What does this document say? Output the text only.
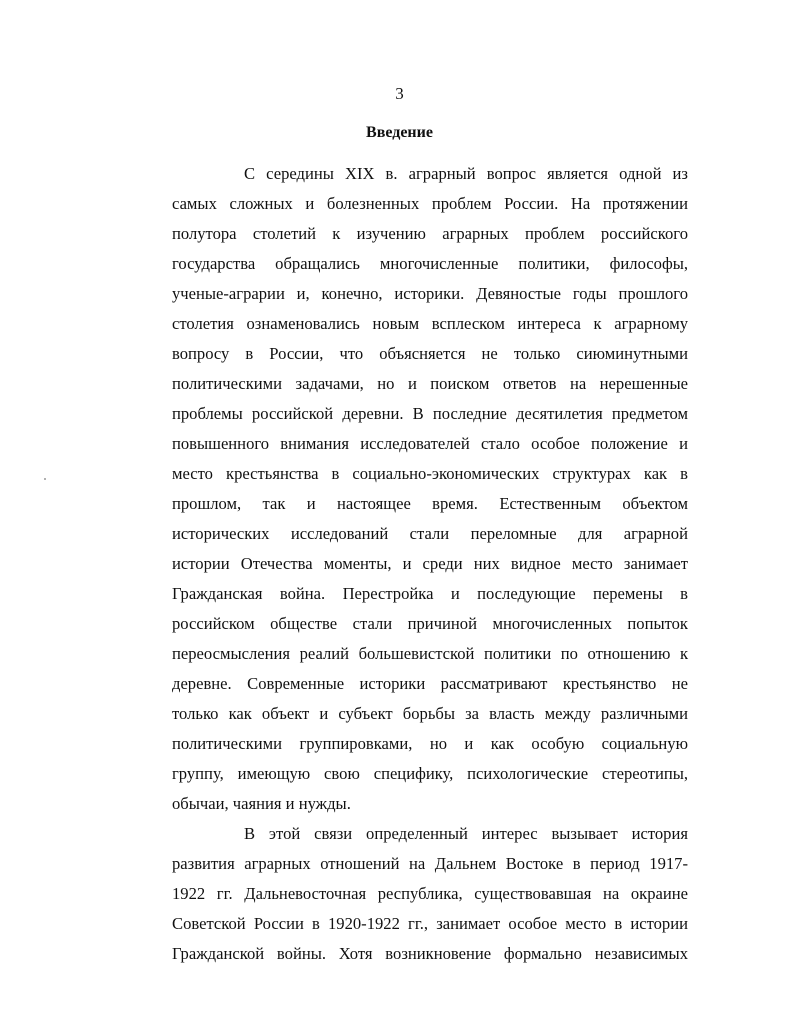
3
Введение
С середины XIX в. аграрный вопрос является одной из
самых сложных и болезненных проблем России. На протяжении
полутора столетий к изучению аграрных проблем российского
государства обращались многочисленные политики, философы,
ученые-аграрии и, конечно, историки. Девяностые годы прошлого
столетия ознаменовались новым всплеском интереса к аграрному
вопросу в России, что объясняется не только сиюминутными
политическими задачами, но и поиском ответов на нерешенные
проблемы российской деревни. В последние десятилетия предметом
повышенного внимания исследователей стало особое положение и
место крестьянства в социально-экономических структурах как в
прошлом, так и настоящее время. Естественным объектом
исторических исследований стали переломные для аграрной
истории Отечества моменты, и среди них видное место занимает
Гражданская война. Перестройка и последующие перемены в
российском обществе стали причиной многочисленных попыток
переосмысления реалий большевистской политики по отношению к
деревне. Современные историки рассматривают крестьянство не
только как объект и субъект борьбы за власть между различными
политическими группировками, но и как особую социальную
группу, имеющую свою специфику, психологические стереотипы,
обычаи, чаяния и нужды.
В этой связи определенный интерес вызывает история
развития аграрных отношений на Дальнем Востоке в период 1917-
1922 гг. Дальневосточная республика, существовавшая на окраине
Советской России в 1920-1922 гг., занимает особое место в истории
Гражданской войны. Хотя возникновение формально независимых
